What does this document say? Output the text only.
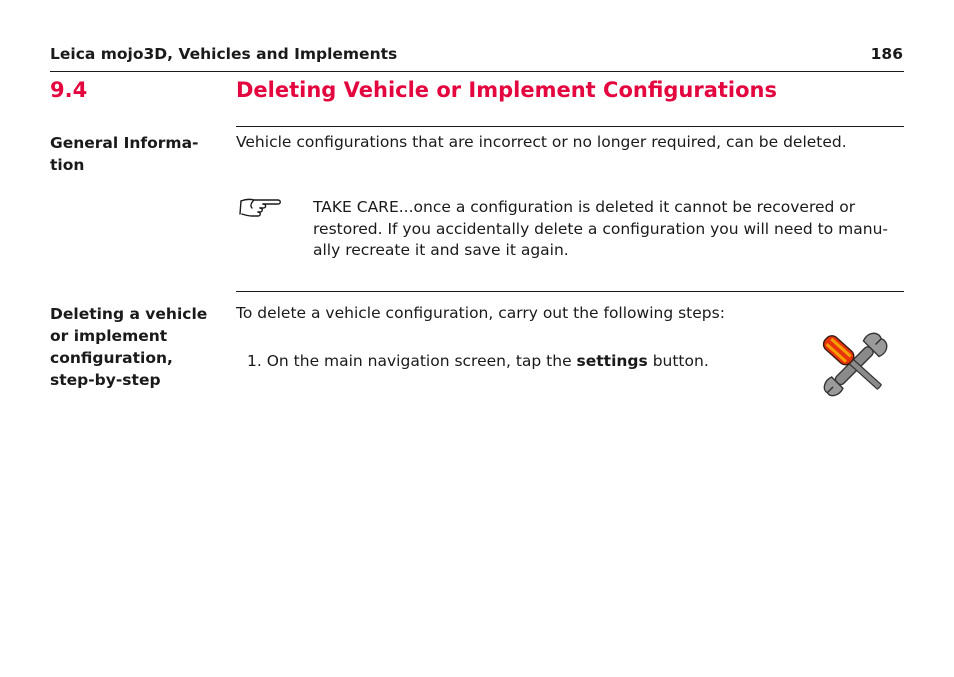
Leica mojo3D, Vehicles and Implements	186
9.4	Deleting Vehicle or Implement Configurations
General Informa-
tion
Vehicle configurations that are incorrect or no longer required, can be deleted.
TAKE CARE...once a configuration is deleted it cannot be recovered or
restored. If you accidentally delete a configuration you will need to manu-
ally recreate it and save it again.
Deleting a vehicle
or implement
configuration,
step-by-step
To delete a vehicle configuration, carry out the following steps:
1. On the main navigation screen, tap the settings button.
